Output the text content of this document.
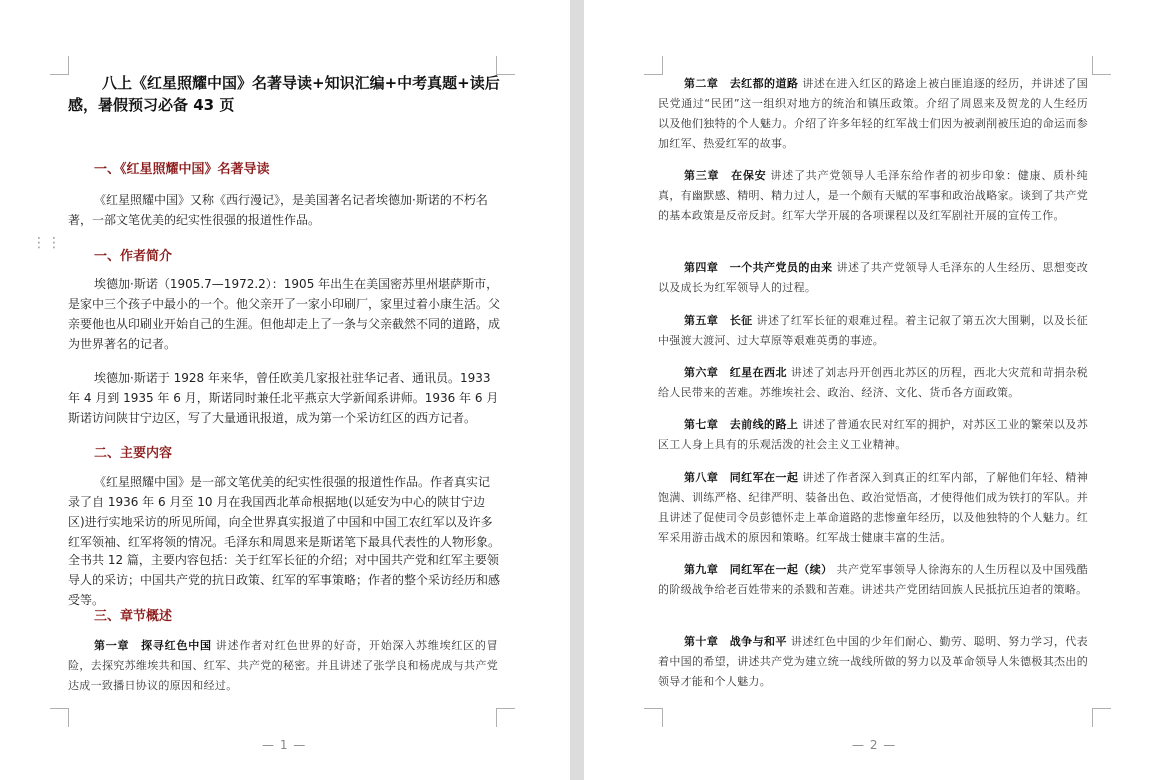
⋮⋮
八上《红星照耀中国》名著导读+知识汇编+中考真题+读后感，暑假预习必备 43 页
一、《红星照耀中国》名著导读
《红星照耀中国》又称《西行漫记》，是美国著名记者埃德加·斯诺的不朽名著，一部文笔优美的纪实性很强的报道性作品。
一、作者简介
埃德加·斯诺（1905.7—1972.2）：1905 年出生在美国密苏里州堪萨斯市，是家中三个孩子中最小的一个。他父亲开了一家小印刷厂，家里过着小康生活。父亲要他也从印刷业开始自己的生涯。但他却走上了一条与父亲截然不同的道路，成为世界著名的记者。
埃德加·斯诺于 1928 年来华，曾任欧美几家报社驻华记者、通讯员。1933 年 4 月到 1935 年 6 月，斯诺同时兼任北平燕京大学新闻系讲师。1936 年 6 月斯诺访问陕甘宁边区，写了大量通讯报道，成为第一个采访红区的西方记者。
二、主要内容
《红星照耀中国》是一部文笔优美的纪实性很强的报道性作品。作者真实记录了自 1936 年 6 月至 10 月在我国西北革命根据地(以延安为中心的陕甘宁边区)进行实地采访的所见所闻，向全世界真实报道了中国和中国工农红军以及许多红军领袖、红军将领的情况。毛泽东和周恩来是斯诺笔下最具代表性的人物形象。
全书共 12 篇，主要内容包括：关于红军长征的介绍；对中国共产党和红军主要领导人的采访；中国共产党的抗日政策、红军的军事策略；作者的整个采访经历和感受等。
三、章节概述
第一章　探寻红色中国 讲述作者对红色世界的好奇，开始深入苏维埃红区的冒险，去探究苏维埃共和国、红军、共产党的秘密。并且讲述了张学良和杨虎成与共产党达成一致播日协议的原因和经过。
— 1 —
第二章　去红都的道路 讲述在进入红区的路途上被白匪追逐的经历，并讲述了国民党通过“民团”这一组织对地方的统治和镇压政策。介绍了周恩来及贺龙的人生经历以及他们独特的个人魅力。介绍了许多年轻的红军战士们因为被剥削被压迫的命运而参加红军、热爱红军的故事。
第三章　在保安 讲述了共产党领导人毛泽东给作者的初步印象：健康、质朴纯真，有幽默感、精明、精力过人，是一个颇有天赋的军事和政治战略家。谈到了共产党的基本政策是反帝反封。红军大学开展的各项课程以及红军剧社开展的宣传工作。
第四章　一个共产党员的由来 讲述了共产党领导人毛泽东的人生经历、思想变改以及成长为红军领导人的过程。
第五章　长征 讲述了红军长征的艰难过程。着主记叙了第五次大围剿，以及长征中强渡大渡河、过大草原等艰难英勇的事迹。
第六章　红星在西北 讲述了刘志丹开创西北苏区的历程，西北大灾荒和苛捐杂税给人民带来的苦难。苏维埃社会、政治、经济、文化、货币各方面政策。
第七章　去前线的路上 讲述了普通农民对红军的拥护，对苏区工业的繁荣以及苏区工人身上具有的乐观活泼的社会主义工业精神。
第八章　同红军在一起 讲述了作者深入到真正的红军内部，了解他们年轻、精神饱满、训练严格、纪律严明、装备出色、政治觉悟高，才使得他们成为铁打的军队。并且讲述了促使司令员彭德怀走上革命道路的悲惨童年经历，以及他独特的个人魅力。红军采用游击战术的原因和策略。红军战士健康丰富的生活。
第九章　同红军在一起（续） 共产党军事领导人徐海东的人生历程以及中国残酷的阶级战争给老百姓带来的杀戮和苦难。讲述共产党团结回族人民抵抗压迫者的策略。
第十章　战争与和平 讲述红色中国的少年们耐心、勤劳、聪明、努力学习，代表着中国的希望，讲述共产党为建立统一战线所做的努力以及革命领导人朱德极其杰出的领导才能和个人魅力。
— 2 —
